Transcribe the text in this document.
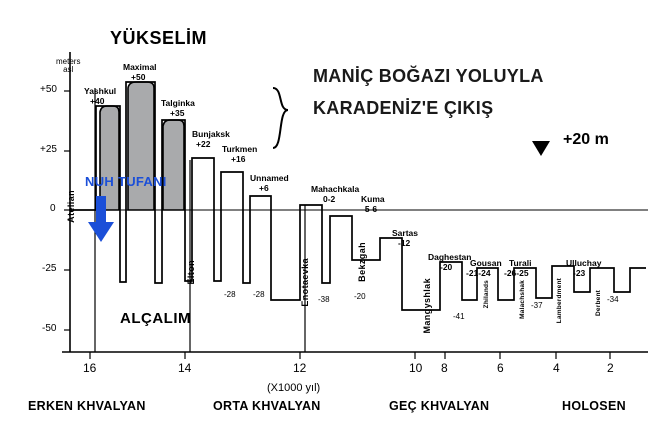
MANİÇ BOĞAZI YOLUYLA
KARADENİZ'E ÇIKIŞ
YÜKSELİM
ALÇALIM
NUH TUFANI
+20 m
meters
asl
+50
+25
0
-25
-50
16	14	12	10 8	6	4	2
(X1000 yıl)
ERKEN KHVALYAN	ORTA KHVALYAN	GEÇ KHVALYAN	HOLOSEN
Yashkul
+40
Maximal
+50
Talginka
+35
Bunjaksk
+22 Turkmen
+16
Unnamed
+6	Mahachkala
0-2	Kuma
-5-6
Sartas
-12
Daghestan
-20 Gousan
-21-24
Turali
-26-25
Ulluchay
-23
-28 -28
-38	-20
-41
-37
-34
Atelian
Elton	Enotaevka	Bekzgah
Mangyshlak	Zhilands	Malachshak	Lamberdment	Derbent
